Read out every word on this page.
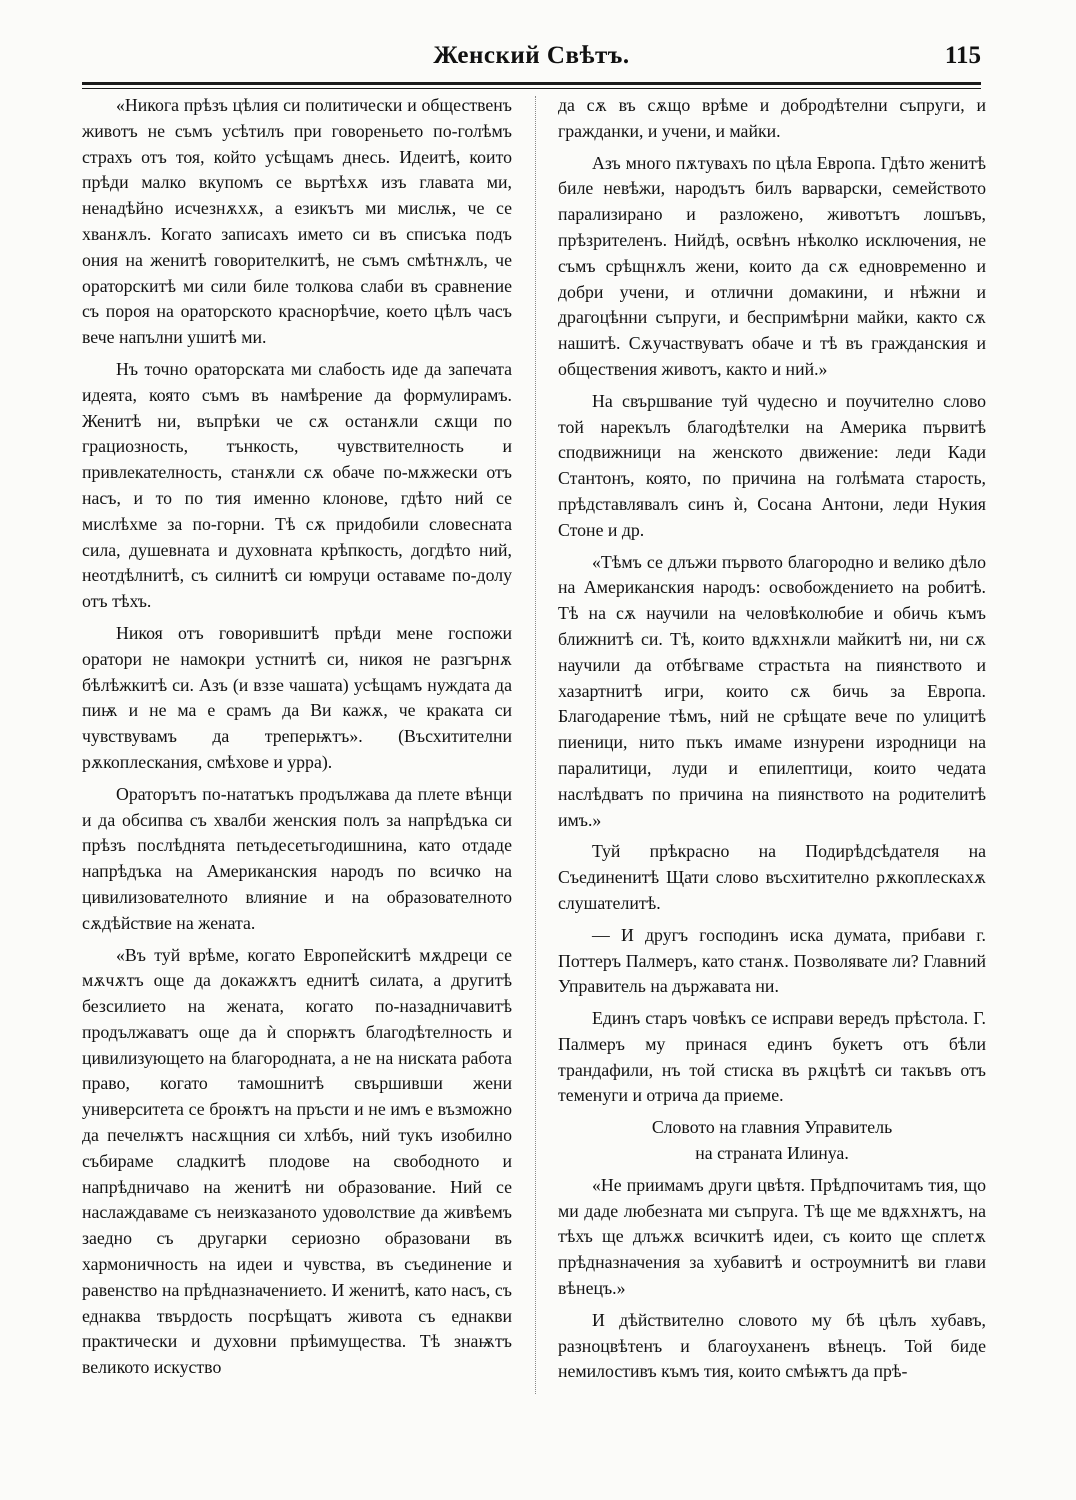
Женский Свѣтъ.	115

«Никога прѣзъ цѣлия си политически и общественъ животъ не съмъ усѣтилъ при говореньето по-голѣмъ страхъ отъ тоя, който усѣщамъ днесь. Идеитѣ, които прѣди малко вкупомъ се вьртѣхѫ изъ главата ми, ненадѣйно исчезнѫхѫ, а езикътъ ми мислѭ, че се хванѫлъ. Когато записахъ името си въ списъка подъ ония на женитѣ говорителкитѣ, не съмъ смѣтнѫлъ, че ораторскитѣ ми сили биле толкова слаби въ сравнение съ пороя на ораторското краснорѣчие, което цѣлъ часъ вече напълни ушитѣ ми.

Нъ точно ораторската ми слабость иде да запечата идеята, която съмъ въ намѣрение да формулирамъ. Женитѣ ни, въпрѣки че сѫ останѫли сѫщи по грациозность, тънкость, чувствителность и привлекателность, станѫли сѫ обаче по-мѫжески отъ насъ, и то по тия именно клонове, гдѣто ний се мислѣхме за по-горни. Тѣ сѫ придобили словесната сила, душевната и духовната крѣпкость, догдѣто ний, неотдѣлнитѣ, съ силнитѣ си юмруци оставаме по-долу отъ тѣхъ.

Никоя отъ говорившитѣ прѣди мене госпожи оратори не намокри устнитѣ си, никоя не разгърнѫ бѣлѣжкитѣ си. Азъ (и вззе чашата) усѣщамъ нуждата да пиѭ и не ма е срамъ да Ви кажѫ, че краката си чувствувамъ да треперѭтъ». (Въсхитителни рѫкоплескания, смѣхове и урра).

Ораторътъ по-нататъкъ продължава да плете вѣнци и да обсипва съ хвалби женския полъ за напрѣдъка си прѣзъ послѣднята петьдесетьгодишнина, като отдаде напрѣдъка на Американския народъ по всичко на цивилизователното влияние и на образователното сѫдѣйствие на жената.

«Въ туй врѣме, когато Европейскитѣ мѫдреци се мѫчѫтъ още да докажѫтъ еднитѣ силата, а другитѣ безсилието на жената, когато по-назадничавитѣ продължаватъ още да ѝ спорѭтъ благодѣтелность и цивилизующето на благородната, а не на ниската работа право, когато тамошнитѣ свършивши жени университета се броѭтъ на пръсти и не имъ е възможно да печелѭтъ насѫщния си хлѣбъ, ний тукъ изобилно събираме сладкитѣ плодове на свободното и напрѣдничаво на женитѣ ни образование. Ний се наслаждаваме съ неизказаното удоволствие да живѣемъ заедно съ другарки сериозно образовани въ хармоничность на идеи и чувства, въ съединение и равенство на прѣдназначението. И женитѣ, като насъ, съ еднаква твърдость посрѣщатъ живота съ еднакви практически и духовни прѣимущества. Тѣ знаѭтъ великото искуство

да сѫ въ сѫщо врѣме и добродѣтелни съпруги, и гражданки, и учени, и майки.

Азъ много пѫтувахъ по цѣла Европа. Гдѣто женитѣ биле невѣжи, народътъ билъ варварски, семейството парализирано и разложено, животътъ лошъвъ, прѣзрителенъ. Нийдѣ, освѣнъ нѣколко исключения, не съмъ срѣщнѫлъ жени, които да сѫ едновременно и добри учени, и отлични домакини, и нѣжни и драгоцѣнни съпруги, и беспримѣрни майки, както сѫ нашитѣ. Сѫучаствуватъ обаче и тѣ въ гражданския и обществения животъ, както и ний.»

На свършвание туй чудесно и поучително слово той нарекълъ благодѣтелки на Америка първитѣ сподвижници на женското движение: леди Кади Стантонъ, която, по причина на голѣмата старость, прѣдставлявалъ синъ ѝ, Сосана Антони, леди Нукия Стоне и др.

«Тѣмъ се длъжи първото благородно и велико дѣло на Американския народъ: освобождението на робитѣ. Тѣ на сѫ научили на человѣколюбие и обичь къмъ ближнитѣ си. Тѣ, които вдѫхнѫли майкитѣ ни, ни сѫ научили да отбѣгваме страстьта на пиянството и хазартнитѣ игри, които сѫ бичь за Европа. Благодарение тѣмъ, ний не срѣщате вече по улицитѣ пиеници, нито пъкъ имаме изнурени изродници на паралитици, луди и епилептици, които чедата наслѣдватъ по причина на пиянството на родителитѣ имъ.»

Туй прѣкрасно на Подирѣдсѣдателя на Съединенитѣ Щати слово въсхитително рѫкоплескахѫ слушателитѣ.

— И другъ господинъ иска думата, прибави г. Поттеръ Палмеръ, като станѫ. Позволявате ли? Главний Управитель на държавата ни.

Единъ старъ човѣкъ се исправи вередъ прѣстола. Г. Палмеръ му принася единъ букетъ отъ бѣли трандафили, нъ той стиска въ рѫцѣтѣ си такъвъ отъ теменуги и отрича да приеме.

Словото на главния Управитель

на страната Илинуа.

«Не приимамъ други цвѣтя. Прѣдпочитамъ тия, що ми даде любезната ми съпруга. Тѣ ще ме вдѫхнѫтъ, на тѣхъ ще длъжѫ всичкитѣ идеи, съ които ще сплетѫ прѣдназначения за хубавитѣ и остроумнитѣ ви глави вѣнецъ.»

И дѣйствително словото му бѣ цѣлъ хубавъ, разноцвѣтенъ и благоуханенъ вѣнецъ. Той биде немилостивъ къмъ тия, които смѣѭтъ да прѣ-
